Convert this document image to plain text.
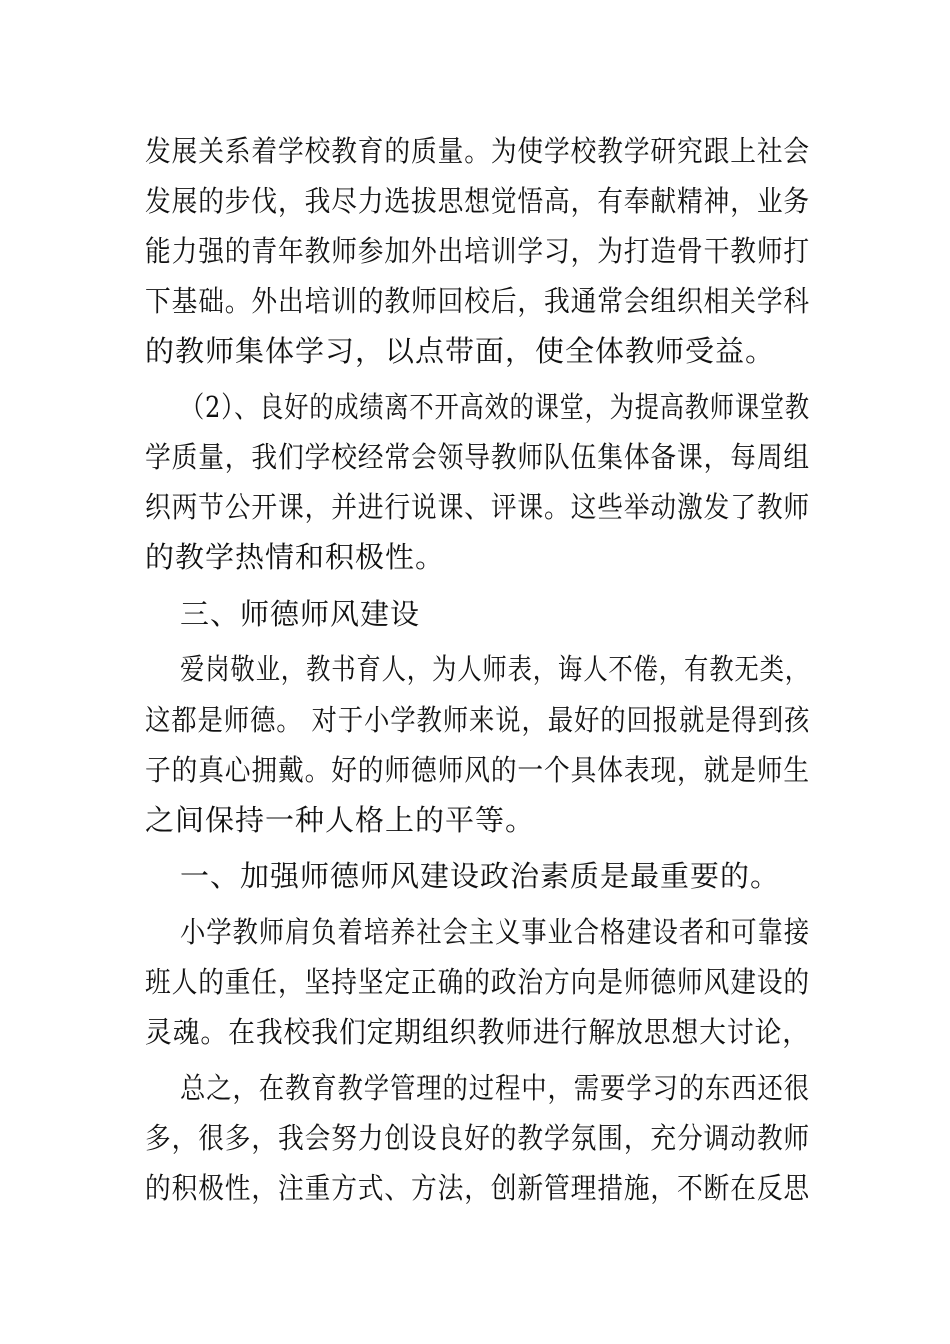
发展关系着学校教育的质量。为使学校教学研究跟上社会
发展的步伐，我尽力选拔思想觉悟高，有奉献精神，业务
能力强的青年教师参加外出培训学习，为打造骨干教师打
下基础。外出培训的教师回校后，我通常会组织相关学科
的教师集体学习，以点带面，使全体教师受益。
（2）、良好的成绩离不开高效的课堂，为提高教师课堂教
学质量，我们学校经常会领导教师队伍集体备课，每周组
织两节公开课，并进行说课、评课。这些举动激发了教师
的教学热情和积极性。
三、师德师风建设
爱岗敬业，教书育人，为人师表，诲人不倦，有教无类，
这都是师德。 对于小学教师来说，最好的回报就是得到孩
子的真心拥戴。好的师德师风的一个具体表现，就是师生
之间保持一种人格上的平等。
一、加强师德师风建设政治素质是最重要的。
小学教师肩负着培养社会主义事业合格建设者和可靠接
班人的重任，坚持坚定正确的政治方向是师德师风建设的
灵魂。在我校我们定期组织教师进行解放思想大讨论，
总之，在教育教学管理的过程中，需要学习的东西还很
多，很多，我会努力创设良好的教学氛围，充分调动教师
的积极性，注重方式、方法，创新管理措施，不断在反思
